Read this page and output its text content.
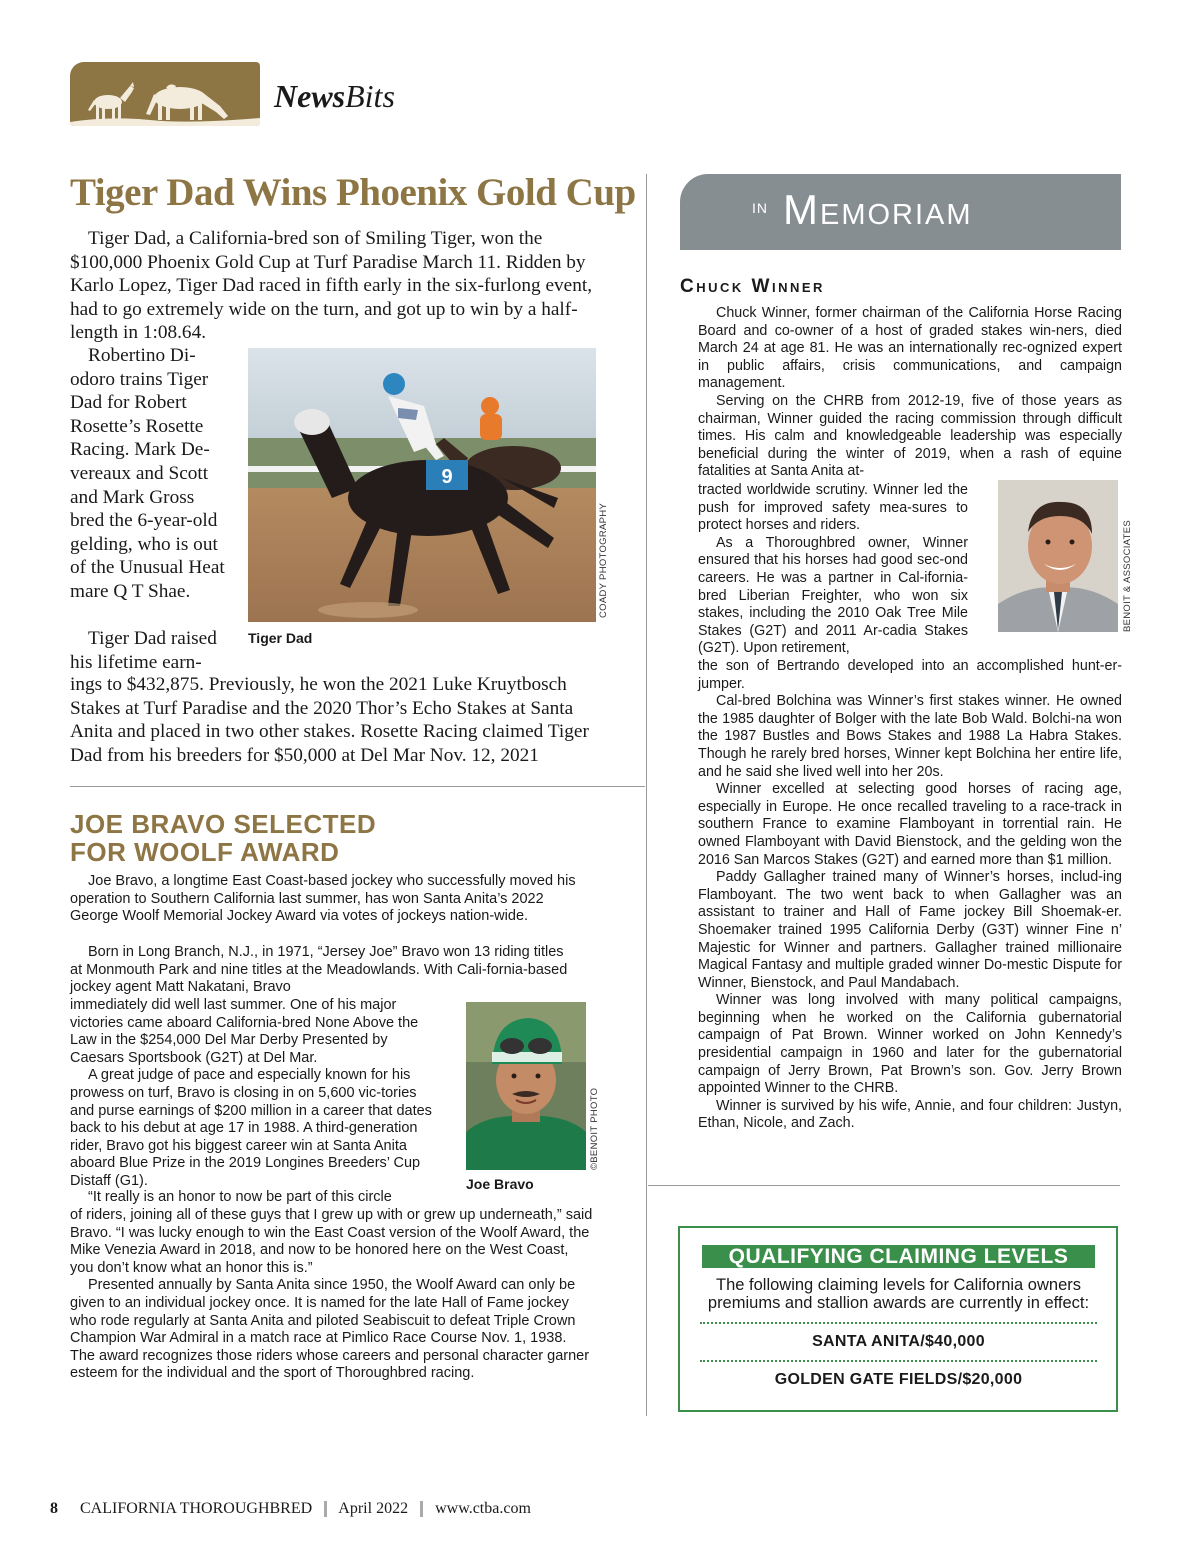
NewsBits
Tiger Dad Wins Phoenix Gold Cup

Tiger Dad, a California-bred son of Smiling Tiger, won the $100,000 Phoenix Gold Cup at Turf Paradise March 11. Ridden by Karlo Lopez, Tiger Dad raced in fifth early in the six-furlong event, had to go extremely wide on the turn, and got up to win by a half-length in 1:08.64.

Robertino Di-odoro trains Tiger Dad for Robert Rosette’s Rosette Racing. Mark De-vereaux and Scott and Mark Gross bred the 6-year-old gelding, who is out of the Unusual Heat mare Q T Shae.

Tiger Dad raised his lifetime earn-

ings to $432,875. Previously, he won the 2021 Luke Kruytbosch Stakes at Turf Paradise and the 2020 Thor’s Echo Stakes at Santa Anita and placed in two other stakes. Rosette Racing claimed Tiger Dad from his breeders for $50,000 at Del Mar Nov. 12, 2021

9
COADY PHOTOGRAPHY
Tiger Dad
JOE BRAVO SELECTED
FOR WOOLF AWARD

Joe Bravo, a longtime East Coast-based jockey who successfully moved his operation to Southern California last summer, has won Santa Anita’s 2022 George Woolf Memorial Jockey Award via votes of jockeys nation-wide.

Born in Long Branch, N.J., in 1971, “Jersey Joe” Bravo won 13 riding titles at Monmouth Park and nine titles at the Meadowlands. With Cali-fornia-based jockey agent Matt Nakatani, Bravo

immediately did well last summer. One of his major victories came aboard California-bred None Above the Law in the $254,000 Del Mar Derby Presented by Caesars Sportsbook (G2T) at Del Mar.

A great judge of pace and especially known for his prowess on turf, Bravo is closing in on 5,600 vic-tories and purse earnings of $200 million in a career that dates back to his debut at age 17 in 1988. A third-generation rider, Bravo got his biggest career win at Santa Anita aboard Blue Prize in the 2019 Longines Breeders’ Cup Distaff (G1).

“It really is an honor to now be part of this circle

of riders, joining all of these guys that I grew up with or grew up underneath,” said Bravo. “I was lucky enough to win the East Coast version of the Woolf Award, the Mike Venezia Award in 2018, and now to be honored here on the West Coast, you don’t know what an honor this is.”

Presented annually by Santa Anita since 1950, the Woolf Award can only be given to an individual jockey once. It is named for the late Hall of Fame jockey who rode regularly at Santa Anita and piloted Seabiscuit to defeat Triple Crown Champion War Admiral in a match race at Pimlico Race Course Nov. 1, 1938. The award recognizes those riders whose careers and personal character garner esteem for the individual and the sport of Thoroughbred racing.

©BENOIT PHOTO
Joe Bravo
IN Memoriam
Chuck Winner

Chuck Winner, former chairman of the California Horse Racing Board and co-owner of a host of graded stakes win-ners, died March 24 at age 81. He was an internationally rec-ognized expert in public affairs, crisis communications, and campaign management.

Serving on the CHRB from 2012-19, five of those years as chairman, Winner guided the racing commission through difficult times. His calm and knowledgeable leadership was especially beneficial during the winter of 2019, when a rash of equine fatalities at Santa Anita at-

tracted worldwide scrutiny. Winner led the push for improved safety mea-sures to protect horses and riders.

As a Thoroughbred owner, Winner ensured that his horses had good sec-ond careers. He was a partner in Cal-ifornia-bred Liberian Freighter, who won six stakes, including the 2010 Oak Tree Mile Stakes (G2T) and 2011 Ar-cadia Stakes (G2T). Upon retirement,

the son of Bertrando developed into an accomplished hunt-er-jumper.

Cal-bred Bolchina was Winner’s first stakes winner. He owned the 1985 daughter of Bolger with the late Bob Wald. Bolchi-na won the 1987 Bustles and Bows Stakes and 1988 La Habra Stakes. Though he rarely bred horses, Winner kept Bolchina her entire life, and he said she lived well into her 20s.

Winner excelled at selecting good horses of racing age, especially in Europe. He once recalled traveling to a race-track in southern France to examine Flamboyant in torrential rain. He owned Flamboyant with David Bienstock, and the gelding won the 2016 San Marcos Stakes (G2T) and earned more than $1 million.

Paddy Gallagher trained many of Winner’s horses, includ-ing Flamboyant. The two went back to when Gallagher was an assistant to trainer and Hall of Fame jockey Bill Shoemak-er. Shoemaker trained 1995 California Derby (G3T) winner Fine n’ Majestic for Winner and partners. Gallagher trained millionaire Magical Fantasy and multiple graded winner Do-mestic Dispute for Winner, Bienstock, and Paul Mandabach.

Winner was long involved with many political campaigns, beginning when he worked on the California gubernatorial campaign of Pat Brown. Winner worked on John Kennedy’s presidential campaign in 1960 and later for the gubernatorial campaign of Jerry Brown, Pat Brown’s son. Gov. Jerry Brown appointed Winner to the CHRB.

Winner is survived by his wife, Annie, and four children: Justyn, Ethan, Nicole, and Zach.

BENOIT & ASSOCIATES
QUALIFYING CLAIMING LEVELS
The following claiming levels for California owners premiums and stallion awards are currently in effect:
SANTA ANITA/$40,000
GOLDEN GATE FIELDS/$20,000
8 CALIFORNIA THOROUGHBRED April 2022 www.ctba.com
